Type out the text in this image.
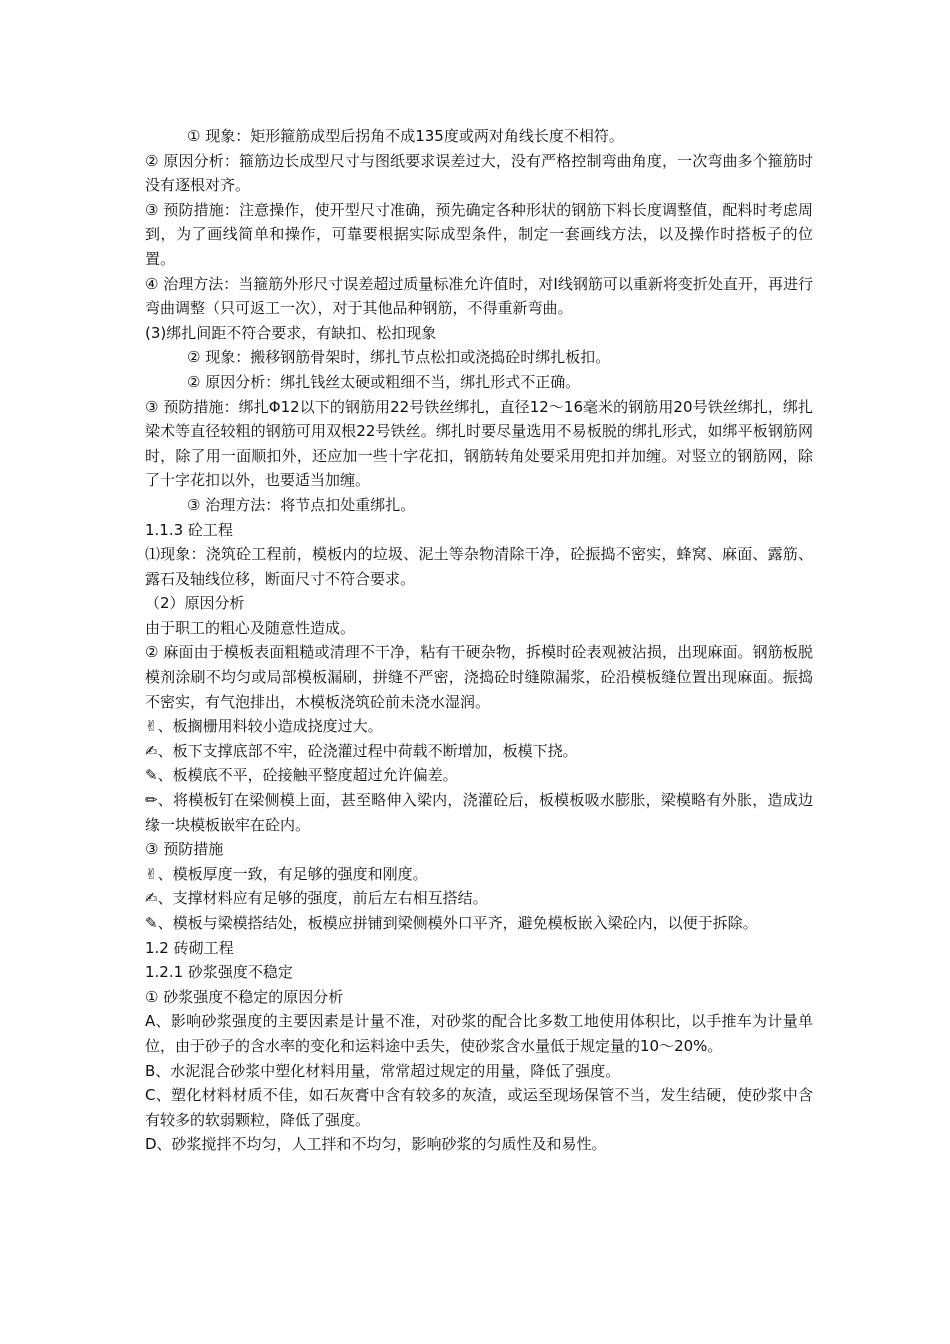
① 现象：矩形箍筋成型后拐角不成135度或两对角线长度不相符。

② 原因分析：箍筋边长成型尺寸与图纸要求误差过大，没有严格控制弯曲角度，一次弯曲多个箍筋时没有逐根对齐。

③ 预防措施：注意操作，使开型尺寸准确，预先确定各种形状的钢筋下料长度调整值，配料时考虑周到，为了画线简单和操作，可靠要根据实际成型条件，制定一套画线方法，以及操作时搭板子的位置。

④ 治理方法：当箍筋外形尺寸误差超过质量标准允许值时，对I线钢筋可以重新将变折处直开，再进行弯曲调整（只可返工一次），对于其他品种钢筋，不得重新弯曲。

(3)绑扎间距不符合要求，有缺扣、松扣现象

② 现象：搬移钢筋骨架时，绑扎节点松扣或浇捣砼时绑扎板扣。

② 原因分析：绑扎钱丝太硬或粗细不当，绑扎形式不正确。

③ 预防措施：绑扎Φ12以下的钢筋用22号铁丝绑扎，直径12～16毫米的钢筋用20号铁丝绑扎，绑扎梁术等直径较粗的钢筋可用双根22号铁丝。绑扎时要尽量选用不易板脱的绑扎形式，如绑平板钢筋网时，除了用一面顺扣外，还应加一些十字花扣，钢筋转角处要采用兜扣并加缠。对竖立的钢筋网，除了十字花扣以外，也要适当加缠。

③ 治理方法：将节点扣处重绑扎。

1.1.3 砼工程

⑴现象：浇筑砼工程前，模板内的垃圾、泥土等杂物清除干净，砼振捣不密实，蜂窝、麻面、露筋、露石及轴线位移，断面尺寸不符合要求。

（2）原因分析

由于职工的粗心及随意性造成。

② 麻面由于模板表面粗糙或清理不干净，粘有干硬杂物，拆模时砼表观被沾损，出现麻面。钢筋板脱模剂涂刷不均匀或局部模板漏刷，拼缝不严密，浇捣砼时缝隙漏浆，砼沿模板缝位置出现麻面。振捣不密实，有气泡排出，木模板浇筑砼前未浇水湿润。

✌、板搁栅用料较小造成挠度过大。

✍、板下支撑底部不牢，砼浇灌过程中荷载不断增加，板模下挠。

✎、板模底不平，砼接触平整度超过允许偏差。

✏、将模板钉在梁侧模上面，甚至略伸入梁内，浇灌砼后，板模板吸水膨胀，梁模略有外胀，造成边缘一块模板嵌牢在砼内。

③ 预防措施

✌、模板厚度一致，有足够的强度和刚度。

✍、支撑材料应有足够的强度，前后左右相互搭结。

✎、模板与梁模搭结处，板模应拼铺到梁侧模外口平齐，避免模板嵌入梁砼内，以便于拆除。

1.2 砖砌工程

1.2.1 砂浆强度不稳定

① 砂浆强度不稳定的原因分析

A、影响砂浆强度的主要因素是计量不准，对砂浆的配合比多数工地使用体积比，以手推车为计量单位，由于砂子的含水率的变化和运料途中丢失，使砂浆含水量低于规定量的10～20%。

B、水泥混合砂浆中塑化材料用量，常常超过规定的用量，降低了强度。

C、塑化材料材质不佳，如石灰膏中含有较多的灰渣，或运至现场保管不当，发生结硬，使砂浆中含有较多的软弱颗粒，降低了强度。

D、砂浆搅拌不均匀，人工拌和不均匀，影响砂浆的匀质性及和易性。
